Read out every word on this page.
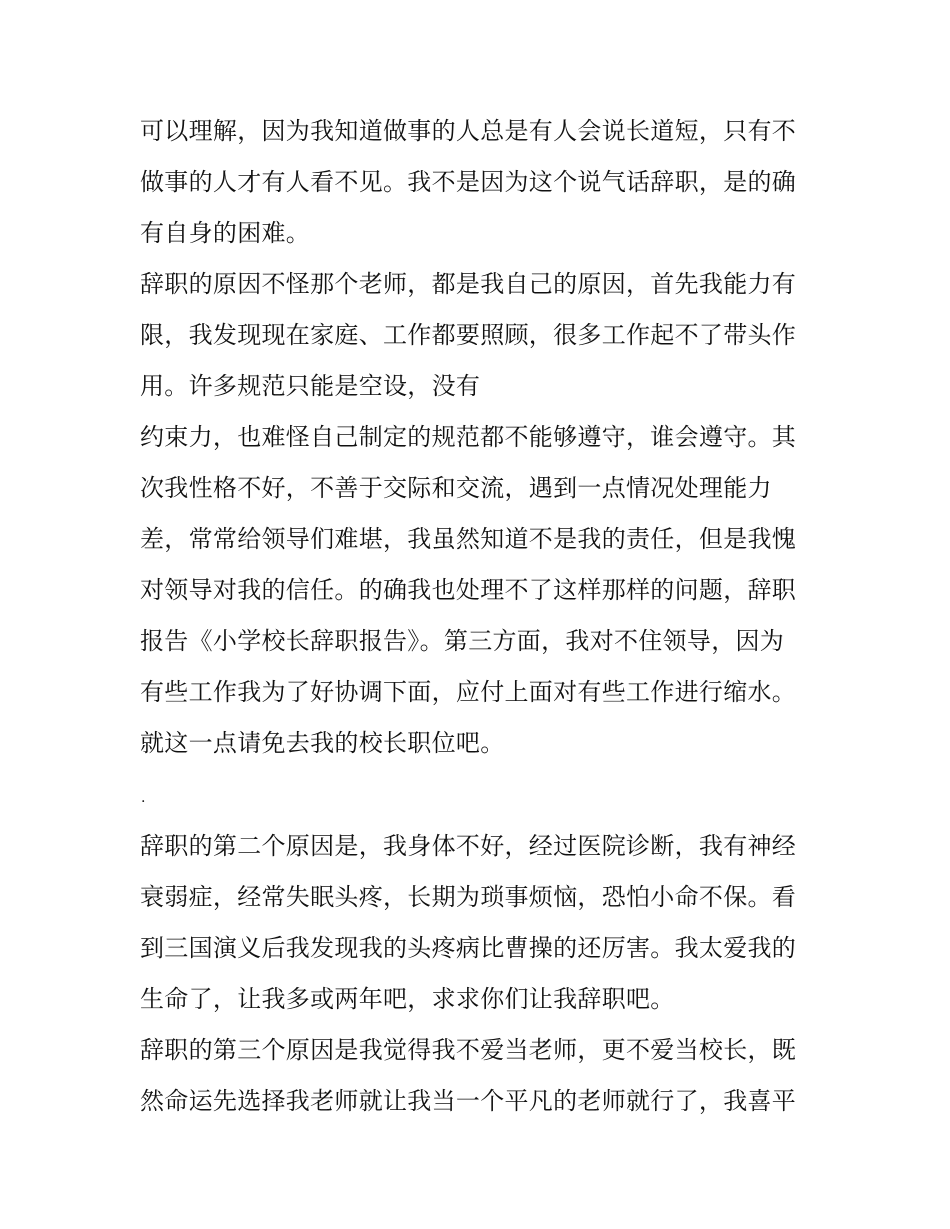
可以理解，因为我知道做事的人总是有人会说长道短，只有不
做事的人才有人看不见。我不是因为这个说气话辞职，是的确
有自身的困难。
辞职的原因不怪那个老师，都是我自己的原因，首先我能力有
限，我发现现在家庭、工作都要照顾，很多工作起不了带头作
用。许多规范只能是空设，没有
约束力，也难怪自己制定的规范都不能够遵守，谁会遵守。其
次我性格不好，不善于交际和交流，遇到一点情况处理能力
差，常常给领导们难堪，我虽然知道不是我的责任，但是我愧
对领导对我的信任。的确我也处理不了这样那样的问题，辞职
报告《小学校长辞职报告》。第三方面，我对不住领导，因为
有些工作我为了好协调下面，应付上面对有些工作进行缩水。
就这一点请免去我的校长职位吧。
.
辞职的第二个原因是，我身体不好，经过医院诊断，我有神经
衰弱症，经常失眠头疼，长期为琐事烦恼，恐怕小命不保。看
到三国演义后我发现我的头疼病比曹操的还厉害。我太爱我的
生命了，让我多或两年吧，求求你们让我辞职吧。
辞职的第三个原因是我觉得我不爱当老师，更不爱当校长，既
然命运先选择我老师就让我当一个平凡的老师就行了，我喜平
